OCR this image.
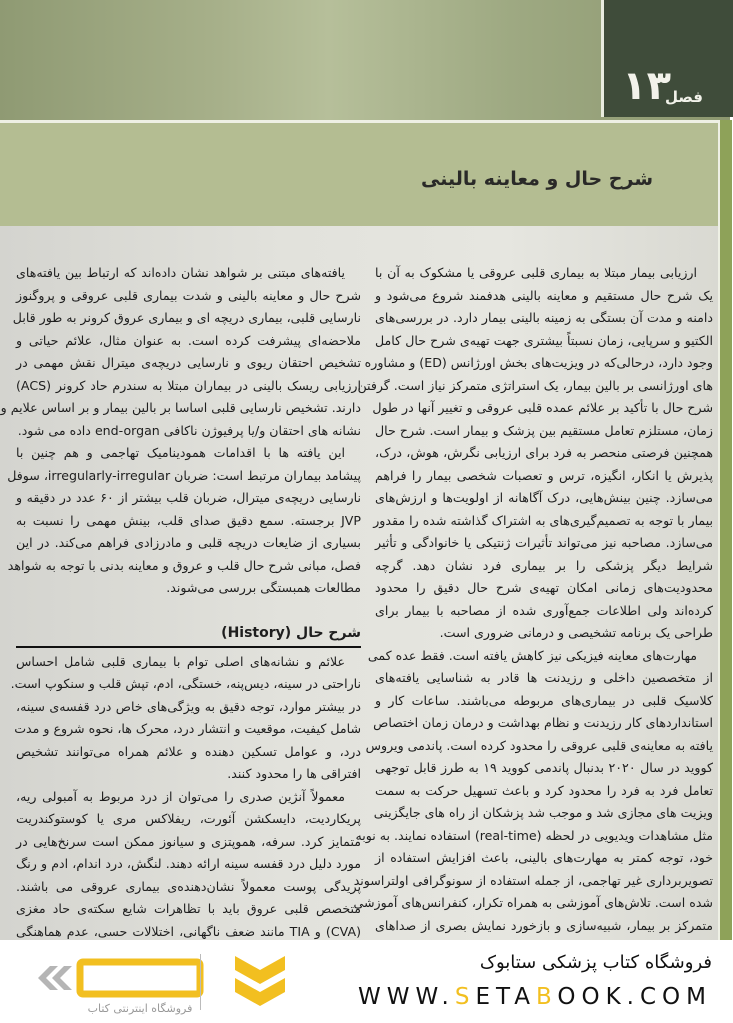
۱۳
فصل
شرح حال و معاینه بالینی
ارزیابی بیمار مبتلا به بیماری قلبی عروقی یا مشکوک به آن با
یک شرح حال مستقیم و معاینه بالینی هدفمند شروع می‌شود و
دامنه و مدت آن بستگی به زمینه بالینی بیمار دارد. در بررسی‌های
الکتیو و سرپایی، زمان نسبتاً بیشتری جهت تهیه‌ی شرح حال کامل
وجود دارد، درحالی‌که در ویزیت‌های بخش اورژانس (ED) و مشاوره
های اورژانسی بر بالین بیمار، یک استراتژی متمرکز نیاز است. گرفتن
شرح حال با تأکید بر علائم عمده قلبی عروقی و تغییر آنها در طول
زمان، مستلزم تعامل مستقیم بین پزشک و بیمار است. شرح حال
همچنین فرصتی منحصر به فرد برای ارزیابی نگرش، هوش، درک،
پذیرش یا انکار، انگیزه، ترس و تعصبات شخصی بیمار را فراهم
می‌سازد. چنین بینش‌هایی، درک آگاهانه از اولویت‌ها و ارزش‌های
بیمار با توجه به تصمیم‌گیری‌های به اشتراک گذاشته شده را مقدور
می‌سازد. مصاحبه نیز می‌تواند تأثیرات ژنتیکی یا خانوادگی و تأثیر
شرایط دیگر پزشکی را بر بیماری فرد نشان دهد. گرچه
محدودیت‌های زمانی امکان تهیه‌ی شرح حال دقیق را محدود
کرده‌اند ولی اطلاعات جمع‌آوری شده از مصاحبه با بیمار برای
طراحی یک برنامه تشخیصی و درمانی ضروری است.
مهارت‌های معاینه فیزیکی نیز کاهش یافته است. فقط عده کمی
از متخصصین داخلی و رزیدنت ها قادر به شناسایی یافته‌های
کلاسیک قلبی در بیماری‌های مربوطه می‌باشند. ساعات کار و
استانداردهای کار رزیدنت و نظام بهداشت و درمان زمان اختصاص
یافته به معاینه‌ی قلبی عروقی را محدود کرده است. پاندمی ویروس
کووید در سال ۲۰۲۰ بدنبال پاندمی کووید ۱۹ به طرز قابل توجهی
تعامل فرد به فرد را محدود کرد و باعث تسهیل حرکت به سمت
ویزیت های مجازی شد و موجب شد پزشکان از راه های جایگزینی
مثل مشاهدات ویدیویی در لحظه (real-time) استفاده نمایند. به نوبه
خود، توجه کمتر به مهارت‌های بالینی، باعث افزایش استفاده از
تصویربرداری غیر تهاجمی، از جمله استفاده از سونوگرافی اولتراسوند
شده است. تلاش‌های آموزشی به همراه تکرار، کنفرانس‌های آموزشی
متمرکز بر بیمار، شبیه‌سازی و بازخورد نمایش بصری از صداهای
یافته‌های مبتنی بر شواهد نشان داده‌اند که ارتباط بین یافته‌های
شرح حال و معاینه بالینی و شدت بیماری قلبی عروقی و پروگنوز
نارسایی قلبی، بیماری دریچه ای و بیماری عروق کرونر به طور قابل
ملاحضه‌ای پیشرفت کرده است. به عنوان مثال، علائم حیاتی و
تشخیص احتقان ریوی و نارسایی دریچه‌ی میترال نقش مهمی در
ارزیابی ریسک بالینی در بیماران مبتلا به سندرم حاد کرونر (ACS)
دارند. تشخیص نارسایی قلبی اساسا بر بالین بیمار و بر اساس علایم و
نشانه های احتقان و/یا پرفیوژن ناکافی end-organ داده می شود.
این یافته ها با اقدامات همودینامیک تهاجمی و هم چنین با
پیشامد بیماران مرتبط است: ضربان irregularly-irregular، سوفل
نارسایی دریچه‌ی میترال، ضربان قلب بیشتر از ۶۰ عدد در دقیقه و
JVP برجسته. سمع دقیق صدای قلب، بینش مهمی را نسبت به
بسیاری از ضایعات دریچه قلبی و مادرزادی فراهم می‌کند. در این
فصل، مبانی شرح حال قلب و عروق و معاینه بدنی با توجه به شواهد
مطالعات همبستگی بررسی می‌شوند.
شرح حال (History)
علائم و نشانه‌های اصلی توام با بیماری قلبی شامل احساس
ناراحتی در سینه، دیس‌پنه، خستگی، ادم، تپش قلب و سنکوپ است.
در بیشتر موارد، توجه دقیق به ویژگی‌های خاص درد قفسه‌ی سینه،
شامل کیفیت، موقعیت و انتشار درد، محرک ها، نحوه شروع و مدت
درد، و عوامل تسکین دهنده و علائم همراه می‌توانند تشخیص
افتراقی ها را محدود کنند.
معمولاً آنژین صدری را می‌توان از درد مربوط به آمبولی ریه،
پریکاردیت، دایسکشن آئورت، ریفلاکس مری یا کوستوکندریت
متمایز کرد. سرفه، هموپتزی و سیانوز ممکن است سرنخ‌هایی در
مورد دلیل درد قفسه سینه ارائه دهند. لنگش، درد اندام، ادم و رنگ
پریدگی پوست معمولاً نشان‌دهنده‌ی بیماری عروقی می باشند.
متخصص قلبی عروق باید با تظاهرات شایع سکته‌ی حاد مغزی
(CVA) و TIA مانند ضعف ناگهانی، اختلالات حسی، عدم هماهنگی
فروشگاه اینترنتی کتاب
فروشگاه کتاب پزشکی ستابوک
WWW.SETABOOK.COM
